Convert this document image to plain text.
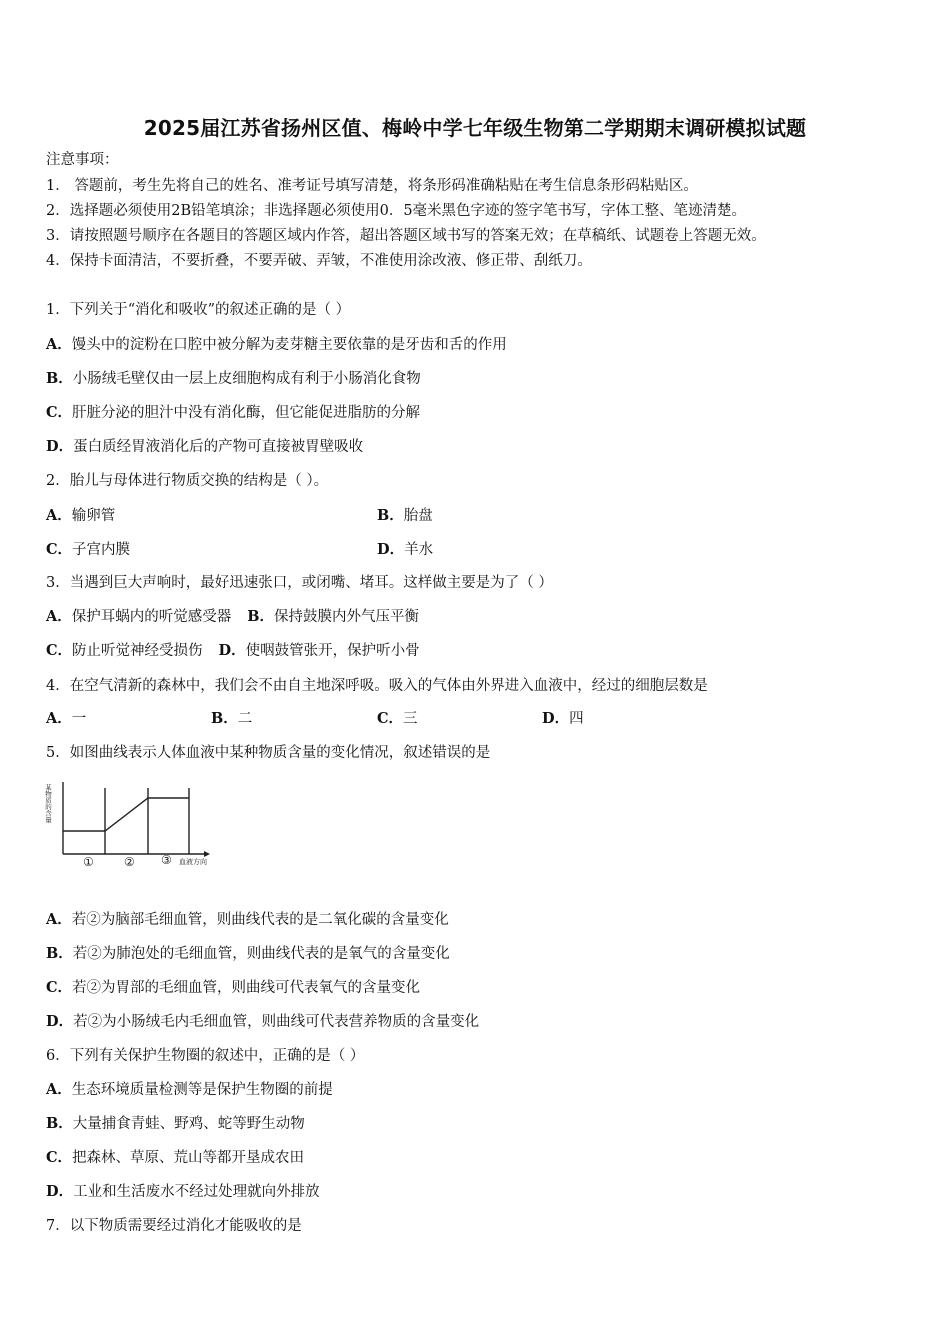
2025届江苏省扬州区值、梅岭中学七年级生物第二学期期末调研模拟试题
注意事项：
1． 答题前，考生先将自己的姓名、准考证号填写清楚，将条形码准确粘贴在考生信息条形码粘贴区。
2．选择题必须使用2B铅笔填涂；非选择题必须使用0．5毫米黑色字迹的签字笔书写，字体工整、笔迹清楚。
3．请按照题号顺序在各题目的答题区域内作答，超出答题区域书写的答案无效；在草稿纸、试题卷上答题无效。
4．保持卡面清洁，不要折叠，不要弄破、弄皱，不准使用涂改液、修正带、刮纸刀。
1．下列关于“消化和吸收”的叙述正确的是（ ）
A．馒头中的淀粉在口腔中被分解为麦芽糖主要依靠的是牙齿和舌的作用
B．小肠绒毛壁仅由一层上皮细胞构成有利于小肠消化食物
C．肝脏分泌的胆汁中没有消化酶，但它能促进脂肪的分解
D．蛋白质经胃液消化后的产物可直接被胃壁吸收
2．胎儿与母体进行物质交换的结构是（ ）。
A．输卵管	B．胎盘
C．子宫内膜	D．羊水
3．当遇到巨大声响时，最好迅速张口，或闭嘴、堵耳。这样做主要是为了（ ）
A．保护耳蜗内的听觉感受器 B．保持鼓膜内外气压平衡
C．防止听觉神经受损伤 D．使咽鼓管张开，保护听小骨
4．在空气清新的森林中，我们会不由自主地深呼吸。吸入的气体由外界进入血液中，经过的细胞层数是
A．一	B．二	C．三	D．四
5．如图曲线表示人体血液中某种物质含量的变化情况，叙述错误的是
某物质的含量
①	② ③ 血液方向
A．若②为脑部毛细血管，则曲线代表的是二氧化碳的含量变化
B．若②为肺泡处的毛细血管，则曲线代表的是氧气的含量变化
C．若②为胃部的毛细血管，则曲线可代表氧气的含量变化
D．若②为小肠绒毛内毛细血管，则曲线可代表营养物质的含量变化
6．下列有关保护生物圈的叙述中，正确的是（ ）
A．生态环境质量检测等是保护生物圈的前提
B．大量捕食青蛙、野鸡、蛇等野生动物
C．把森林、草原、荒山等都开垦成农田
D．工业和生活废水不经过处理就向外排放
7．以下物质需要经过消化才能吸收的是
